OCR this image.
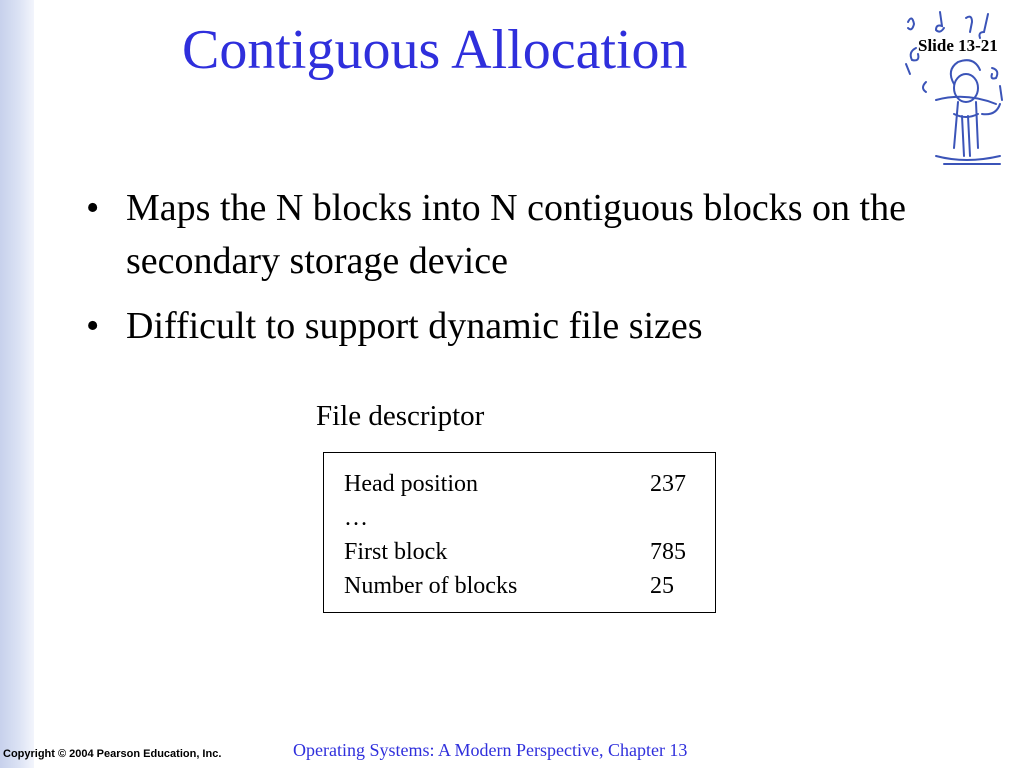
Contiguous Allocation	Slide 13-21
• Maps the N blocks into N contiguous blocks on the secondary storage device
• Difficult to support dynamic file sizes
File descriptor
Head position	237
…
First block	785
Number of blocks	25
Copyright © 2004 Pearson Education, Inc.	Operating Systems: A Modern Perspective, Chapter 13
